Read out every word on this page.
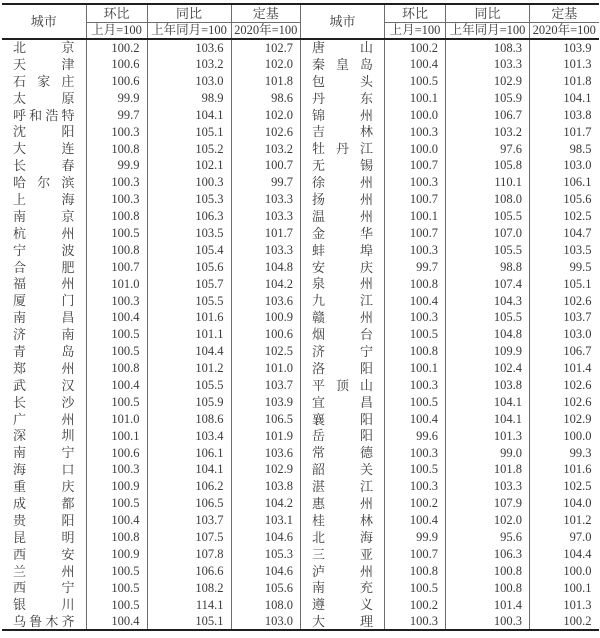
城市	环比	同比	定基
	上月=100	上年同月=100	2020年=100

北 京	100.2	103.6	102.7

天 津	100.6	103.2	102.0

石 家 庄	100.6	103.0	101.8

太 原	99.9	98.9	98.6

呼 和 浩 特	99.7	104.1	102.0

沈 阳	100.3	105.1	102.6

大 连	100.8	105.2	103.2

长 春	99.9	102.1	100.7

哈 尔 滨	100.3	100.3	99.7

上 海	100.3	105.3	103.3

南 京	100.8	106.3	103.3

杭 州	100.5	103.5	101.7

宁 波	100.8	105.4	103.3

合 肥	100.7	105.6	104.8

福 州	101.0	105.7	104.2

厦 门	100.3	105.5	103.6

南 昌	100.4	101.6	100.9

济 南	100.5	101.1	100.6

青 岛	100.5	104.4	102.5

郑 州	100.8	101.2	101.0

武 汉	100.4	105.5	103.7

长 沙	100.5	105.9	103.9

广 州	101.0	108.6	106.5

深 圳	100.1	103.4	101.9

南 宁	100.6	106.1	103.6

海 口	100.3	104.1	102.9

重 庆	100.9	106.2	103.8

成 都	100.5	106.5	104.2

贵 阳	100.4	103.7	103.1

昆 明	100.8	107.5	104.6

西 安	100.9	107.8	105.3

兰 州	100.5	106.6	104.6

西 宁	100.5	108.2	105.6

银 川	100.5	114.1	108.0

乌 鲁 木 齐	100.4	105.1	103.0
城市	环比	同比	定基
	上月=100	上年同月=100	2020年=100

唐 山	100.2	108.3	103.9

秦 皇 岛	100.4	103.3	101.3

包 头	100.5	102.9	101.8

丹 东	100.1	105.9	104.1

锦 州	100.0	106.7	103.8

吉 林	100.3	103.2	101.7

牡 丹 江	100.0	97.6	98.5

无 锡	100.7	105.8	103.0

徐 州	100.3	110.1	106.1

扬 州	100.7	108.0	105.6

温 州	100.1	105.5	102.5

金 华	100.7	107.0	104.7

蚌 埠	100.3	105.5	103.5

安 庆	99.7	98.8	99.5

泉 州	100.8	107.4	105.1

九 江	100.4	104.3	102.6

赣 州	100.3	105.5	103.7

烟 台	100.5	104.8	103.0

济 宁	100.8	109.9	106.7

洛 阳	100.1	102.4	101.4

平 顶 山	100.3	103.8	102.6

宜 昌	100.5	104.1	102.6

襄 阳	100.4	104.1	102.9

岳 阳	99.6	101.3	100.0

常 德	100.3	99.0	99.3

韶 关	100.5	101.8	101.6

湛 江	100.3	103.3	102.5

惠 州	100.2	107.9	104.0

桂 林	100.4	102.0	101.2

北 海	99.9	95.6	97.0

三 亚	100.7	106.3	104.4

泸 州	100.8	100.8	100.0

南 充	100.5	100.8	100.1

遵 义	100.2	101.4	101.3

大 理	100.3	100.3	100.2
